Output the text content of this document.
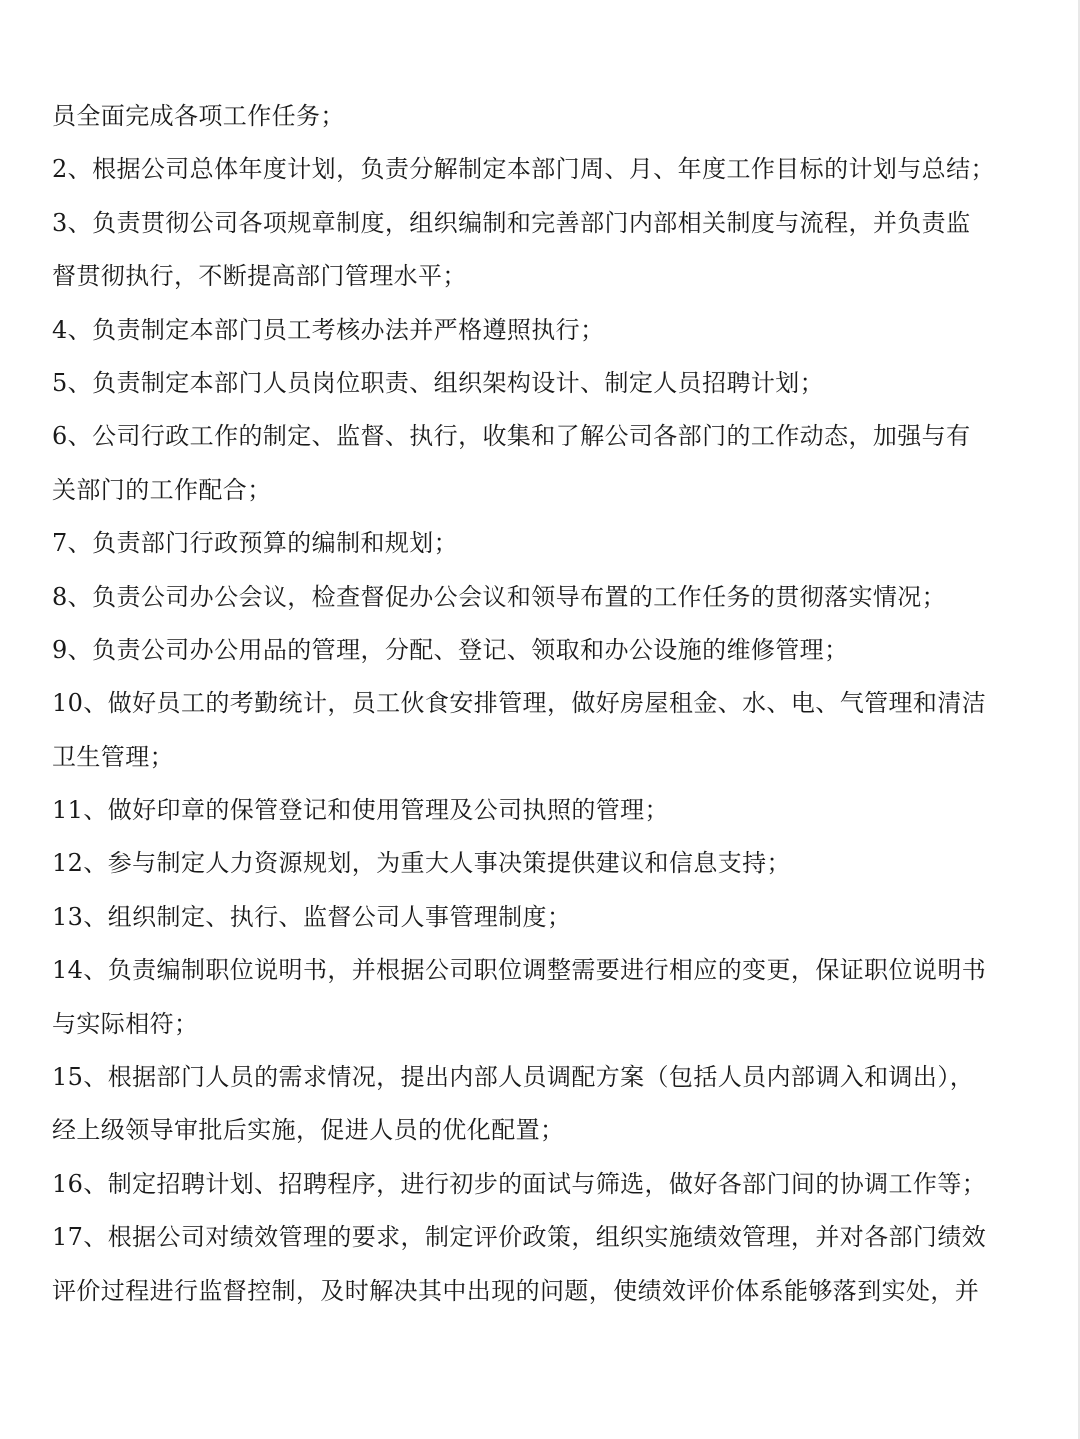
员全面完成各项工作任务；
2、根据公司总体年度计划，负责分解制定本部门周、月、年度工作目标的计划与总结；
3、负责贯彻公司各项规章制度，组织编制和完善部门内部相关制度与流程，并负责监
督贯彻执行，不断提高部门管理水平；
4、负责制定本部门员工考核办法并严格遵照执行；
5、负责制定本部门人员岗位职责、组织架构设计、制定人员招聘计划；
6、公司行政工作的制定、监督、执行，收集和了解公司各部门的工作动态，加强与有
关部门的工作配合；
7、负责部门行政预算的编制和规划；
8、负责公司办公会议，检查督促办公会议和领导布置的工作任务的贯彻落实情况；
9、负责公司办公用品的管理，分配、登记、领取和办公设施的维修管理；
10、做好员工的考勤统计，员工伙食安排管理，做好房屋租金、水、电、气管理和清洁
卫生管理；
11、做好印章的保管登记和使用管理及公司执照的管理；
12、参与制定人力资源规划，为重大人事决策提供建议和信息支持；
13、组织制定、执行、监督公司人事管理制度；
14、负责编制职位说明书，并根据公司职位调整需要进行相应的变更，保证职位说明书
与实际相符；
15、根据部门人员的需求情况，提出内部人员调配方案（包括人员内部调入和调出），
经上级领导审批后实施，促进人员的优化配置；
16、制定招聘计划、招聘程序，进行初步的面试与筛选，做好各部门间的协调工作等；
17、根据公司对绩效管理的要求，制定评价政策，组织实施绩效管理，并对各部门绩效
评价过程进行监督控制，及时解决其中出现的问题，使绩效评价体系能够落到实处，并
